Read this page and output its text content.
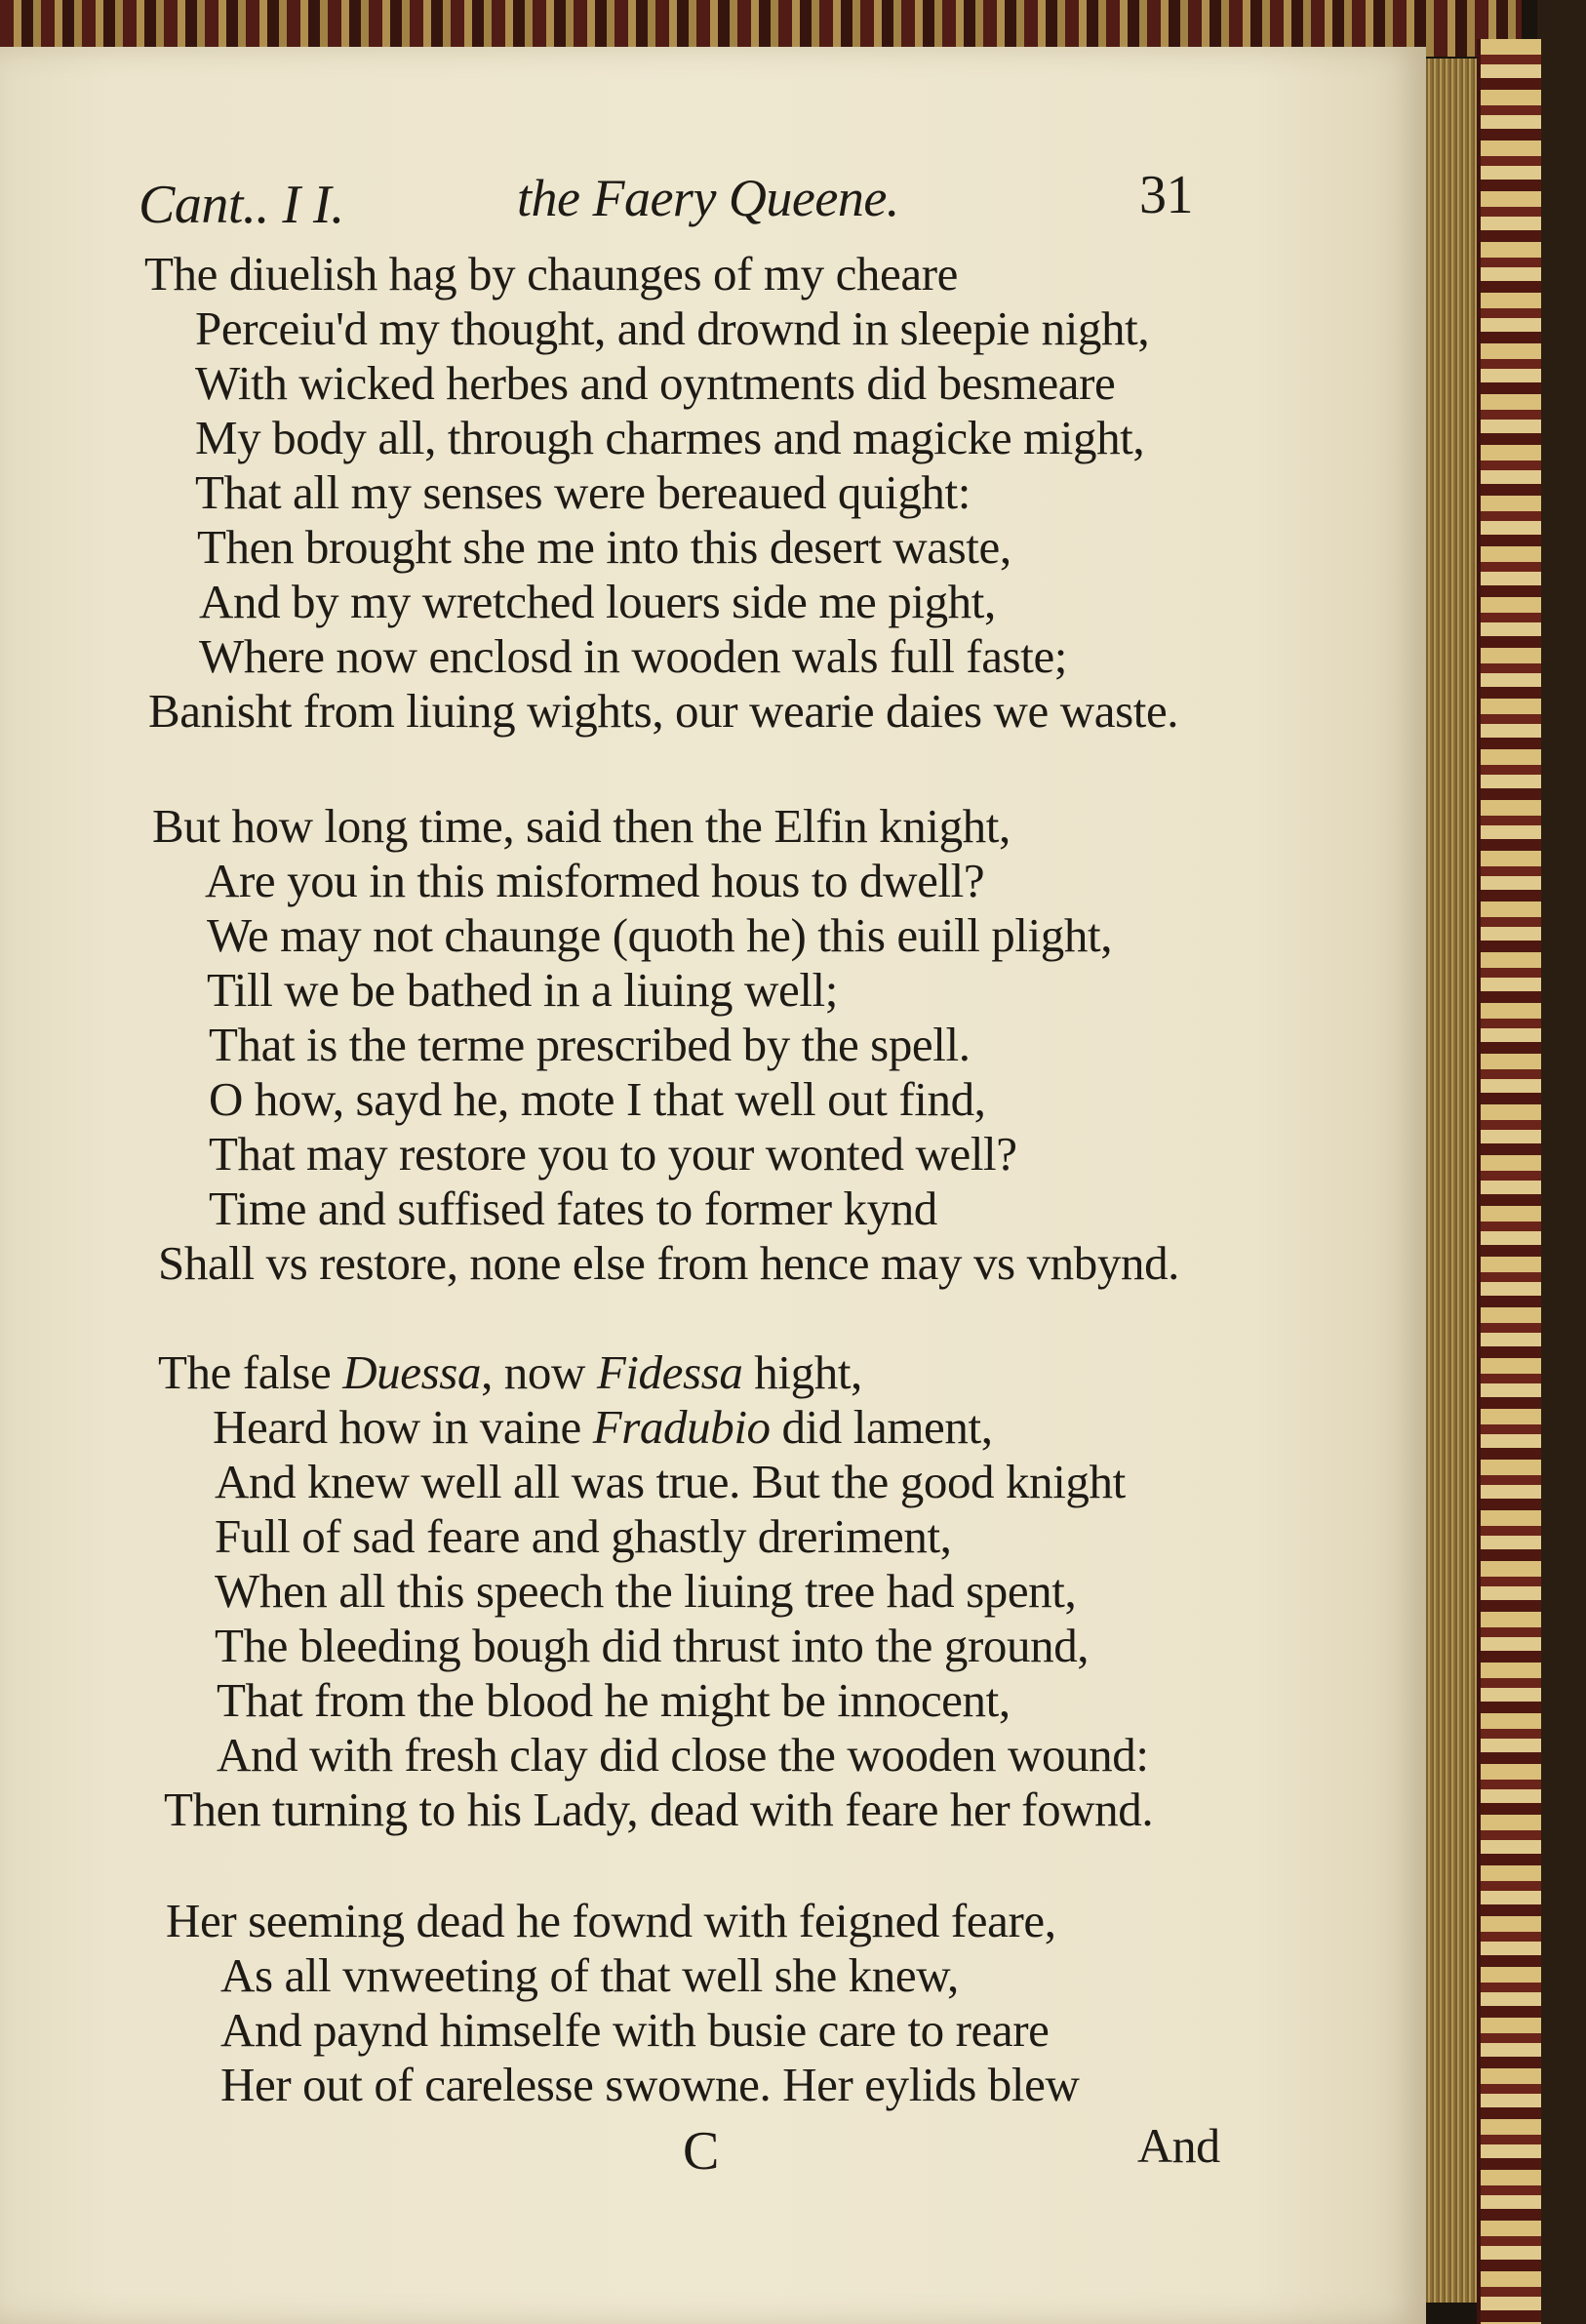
Cant.. I I.	the Faery Queene.	31
The diuelish hag by chaunges of my cheare
Perceiu'd my thought, and drownd in sleepie night,
With wicked herbes and oyntments did besmeare
My body all, through charmes and magicke might,
That all my senses were bereaued quight:
Then brought she me into this desert waste,
And by my wretched louers side me pight,
Where now enclosd in wooden wals full faste;
Banisht from liuing wights, our wearie daies we waste.
But how long time, said then the Elfin knight,
Are you in this misformed hous to dwell?
We may not chaunge (quoth he) this euill plight,
Till we be bathed in a liuing well;
That is the terme prescribed by the spell.
O how, sayd he, mote I that well out find,
That may restore you to your wonted well?
Time and suffised fates to former kynd
Shall vs restore, none else from hence may vs vnbynd.
The false Duessa, now Fidessa hight,
Heard how in vaine Fradubio did lament,
And knew well all was true. But the good knight
Full of sad feare and ghastly dreriment,
When all this speech the liuing tree had spent,
The bleeding bough did thrust into the ground,
That from the blood he might be innocent,
And with fresh clay did close the wooden wound:
Then turning to his Lady, dead with feare her fownd.
Her seeming dead he fownd with feigned feare,
As all vnweeting of that well she knew,
And paynd himselfe with busie care to reare
Her out of carelesse swowne. Her eylids blew
C	And
